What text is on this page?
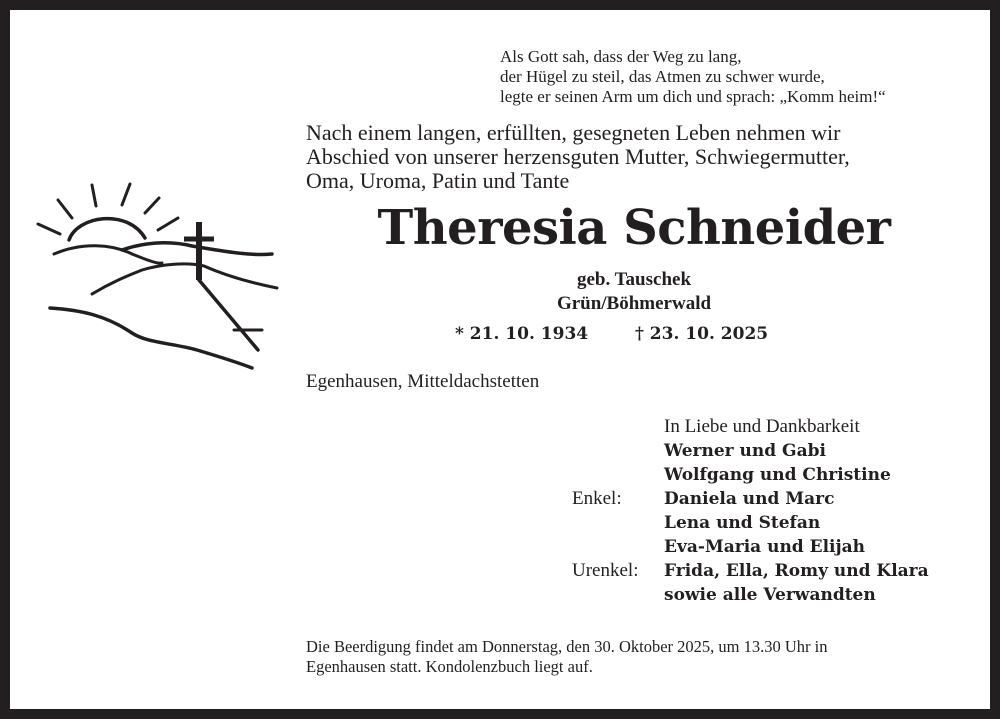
Als Gott sah, dass der Weg zu lang,
der Hügel zu steil, das Atmen zu schwer wurde,
legte er seinen Arm um dich und sprach: „Komm heim!“
Nach einem langen, erfüllten, gesegneten Leben nehmen wir
Abschied von unserer herzensguten Mutter, Schwiegermutter,
Oma, Uroma, Patin und Tante
Theresia Schneider
geb. Tauschek
Grün/Böhmerwald
* 21. 10. 1934	† 23. 10. 2025
Egenhausen, Mitteldachstetten
In Liebe und Dankbarkeit
Werner und Gabi
Wolfgang und Christine
Enkel:	Daniela und Marc
Lena und Stefan
Eva-Maria und Elijah
Urenkel:	Frida, Ella, Romy und Klara
sowie alle Verwandten
Die Beerdigung findet am Donnerstag, den 30. Oktober 2025, um 13.30 Uhr in
Egenhausen statt. Kondolenzbuch liegt auf.
